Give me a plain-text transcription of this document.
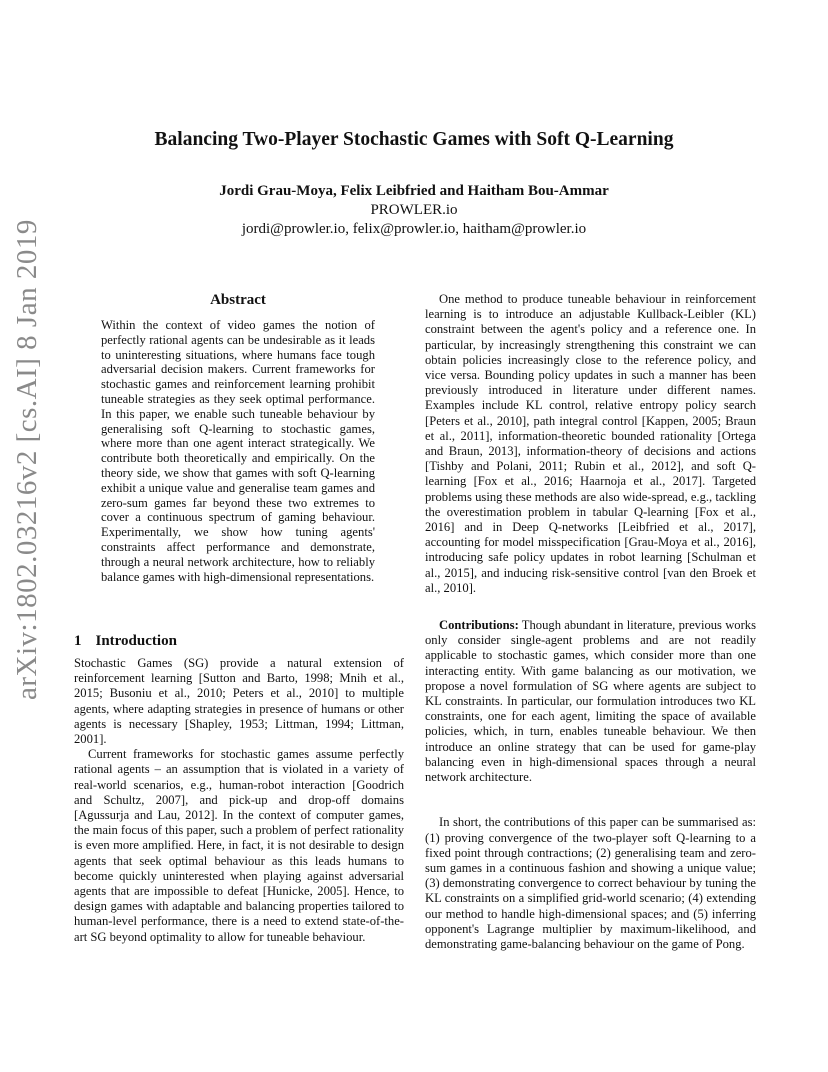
arXiv:1802.03216v2 [cs.AI] 8 Jan 2019
Balancing Two-Player Stochastic Games with Soft Q-Learning
Jordi Grau-Moya, Felix Leibfried and Haitham Bou-Ammar
PROWLER.io
jordi@prowler.io, felix@prowler.io, haitham@prowler.io
Abstract
Within the context of video games the notion of perfectly rational agents can be undesirable as it leads to uninteresting situations, where humans face tough adversarial decision makers. Current frameworks for stochastic games and reinforcement learning prohibit tuneable strategies as they seek optimal performance. In this paper, we enable such tuneable behaviour by generalising soft Q-learning to stochastic games, where more than one agent interact strategically. We contribute both theoretically and empirically. On the theory side, we show that games with soft Q-learning exhibit a unique value and generalise team games and zero-sum games far beyond these two extremes to cover a continuous spectrum of gaming behaviour. Experimentally, we show how tuning agents' constraints affect performance and demonstrate, through a neural network architecture, how to reliably balance games with high-dimensional representations.
1 Introduction

Stochastic Games (SG) provide a natural extension of reinforcement learning [Sutton and Barto, 1998; Mnih et al., 2015; Busoniu et al., 2010; Peters et al., 2010] to multiple agents, where adapting strategies in presence of humans or other agents is necessary [Shapley, 1953; Littman, 1994; Littman, 2001].

Current frameworks for stochastic games assume perfectly rational agents – an assumption that is violated in a variety of real-world scenarios, e.g., human-robot interaction [Goodrich and Schultz, 2007], and pick-up and drop-off domains [Agussurja and Lau, 2012]. In the context of computer games, the main focus of this paper, such a problem of perfect rationality is even more amplified. Here, in fact, it is not desirable to design agents that seek optimal behaviour as this leads humans to become quickly uninterested when playing against adversarial agents that are impossible to defeat [Hunicke, 2005]. Hence, to design games with adaptable and balancing properties tailored to human-level performance, there is a need to extend state-of-the-art SG beyond optimality to allow for tuneable behaviour.

One method to produce tuneable behaviour in reinforcement learning is to introduce an adjustable Kullback-Leibler (KL) constraint between the agent's policy and a reference one. In particular, by increasingly strengthening this constraint we can obtain policies increasingly close to the reference policy, and vice versa. Bounding policy updates in such a manner has been previously introduced in literature under different names. Examples include KL control, relative entropy policy search [Peters et al., 2010], path integral control [Kappen, 2005; Braun et al., 2011], information-theoretic bounded rationality [Ortega and Braun, 2013], information-theory of decisions and actions [Tishby and Polani, 2011; Rubin et al., 2012], and soft Q-learning [Fox et al., 2016; Haarnoja et al., 2017]. Targeted problems using these methods are also wide-spread, e.g., tackling the overestimation problem in tabular Q-learning [Fox et al., 2016] and in Deep Q-networks [Leibfried et al., 2017], accounting for model misspecification [Grau-Moya et al., 2016], introducing safe policy updates in robot learning [Schulman et al., 2015], and inducing risk-sensitive control [van den Broek et al., 2010].

Contributions: Though abundant in literature, previous works only consider single-agent problems and are not readily applicable to stochastic games, which consider more than one interacting entity. With game balancing as our motivation, we propose a novel formulation of SG where agents are subject to KL constraints. In particular, our formulation introduces two KL constraints, one for each agent, limiting the space of available policies, which, in turn, enables tuneable behaviour. We then introduce an online strategy that can be used for game-play balancing even in high-dimensional spaces through a neural network architecture.

In short, the contributions of this paper can be summarised as: (1) proving convergence of the two-player soft Q-learning to a fixed point through contractions; (2) generalising team and zero-sum games in a continuous fashion and showing a unique value; (3) demonstrating convergence to correct behaviour by tuning the KL constraints on a simplified grid-world scenario; (4) extending our method to handle high-dimensional spaces; and (5) inferring opponent's Lagrange multiplier by maximum-likelihood, and demonstrating game-balancing behaviour on the game of Pong.
